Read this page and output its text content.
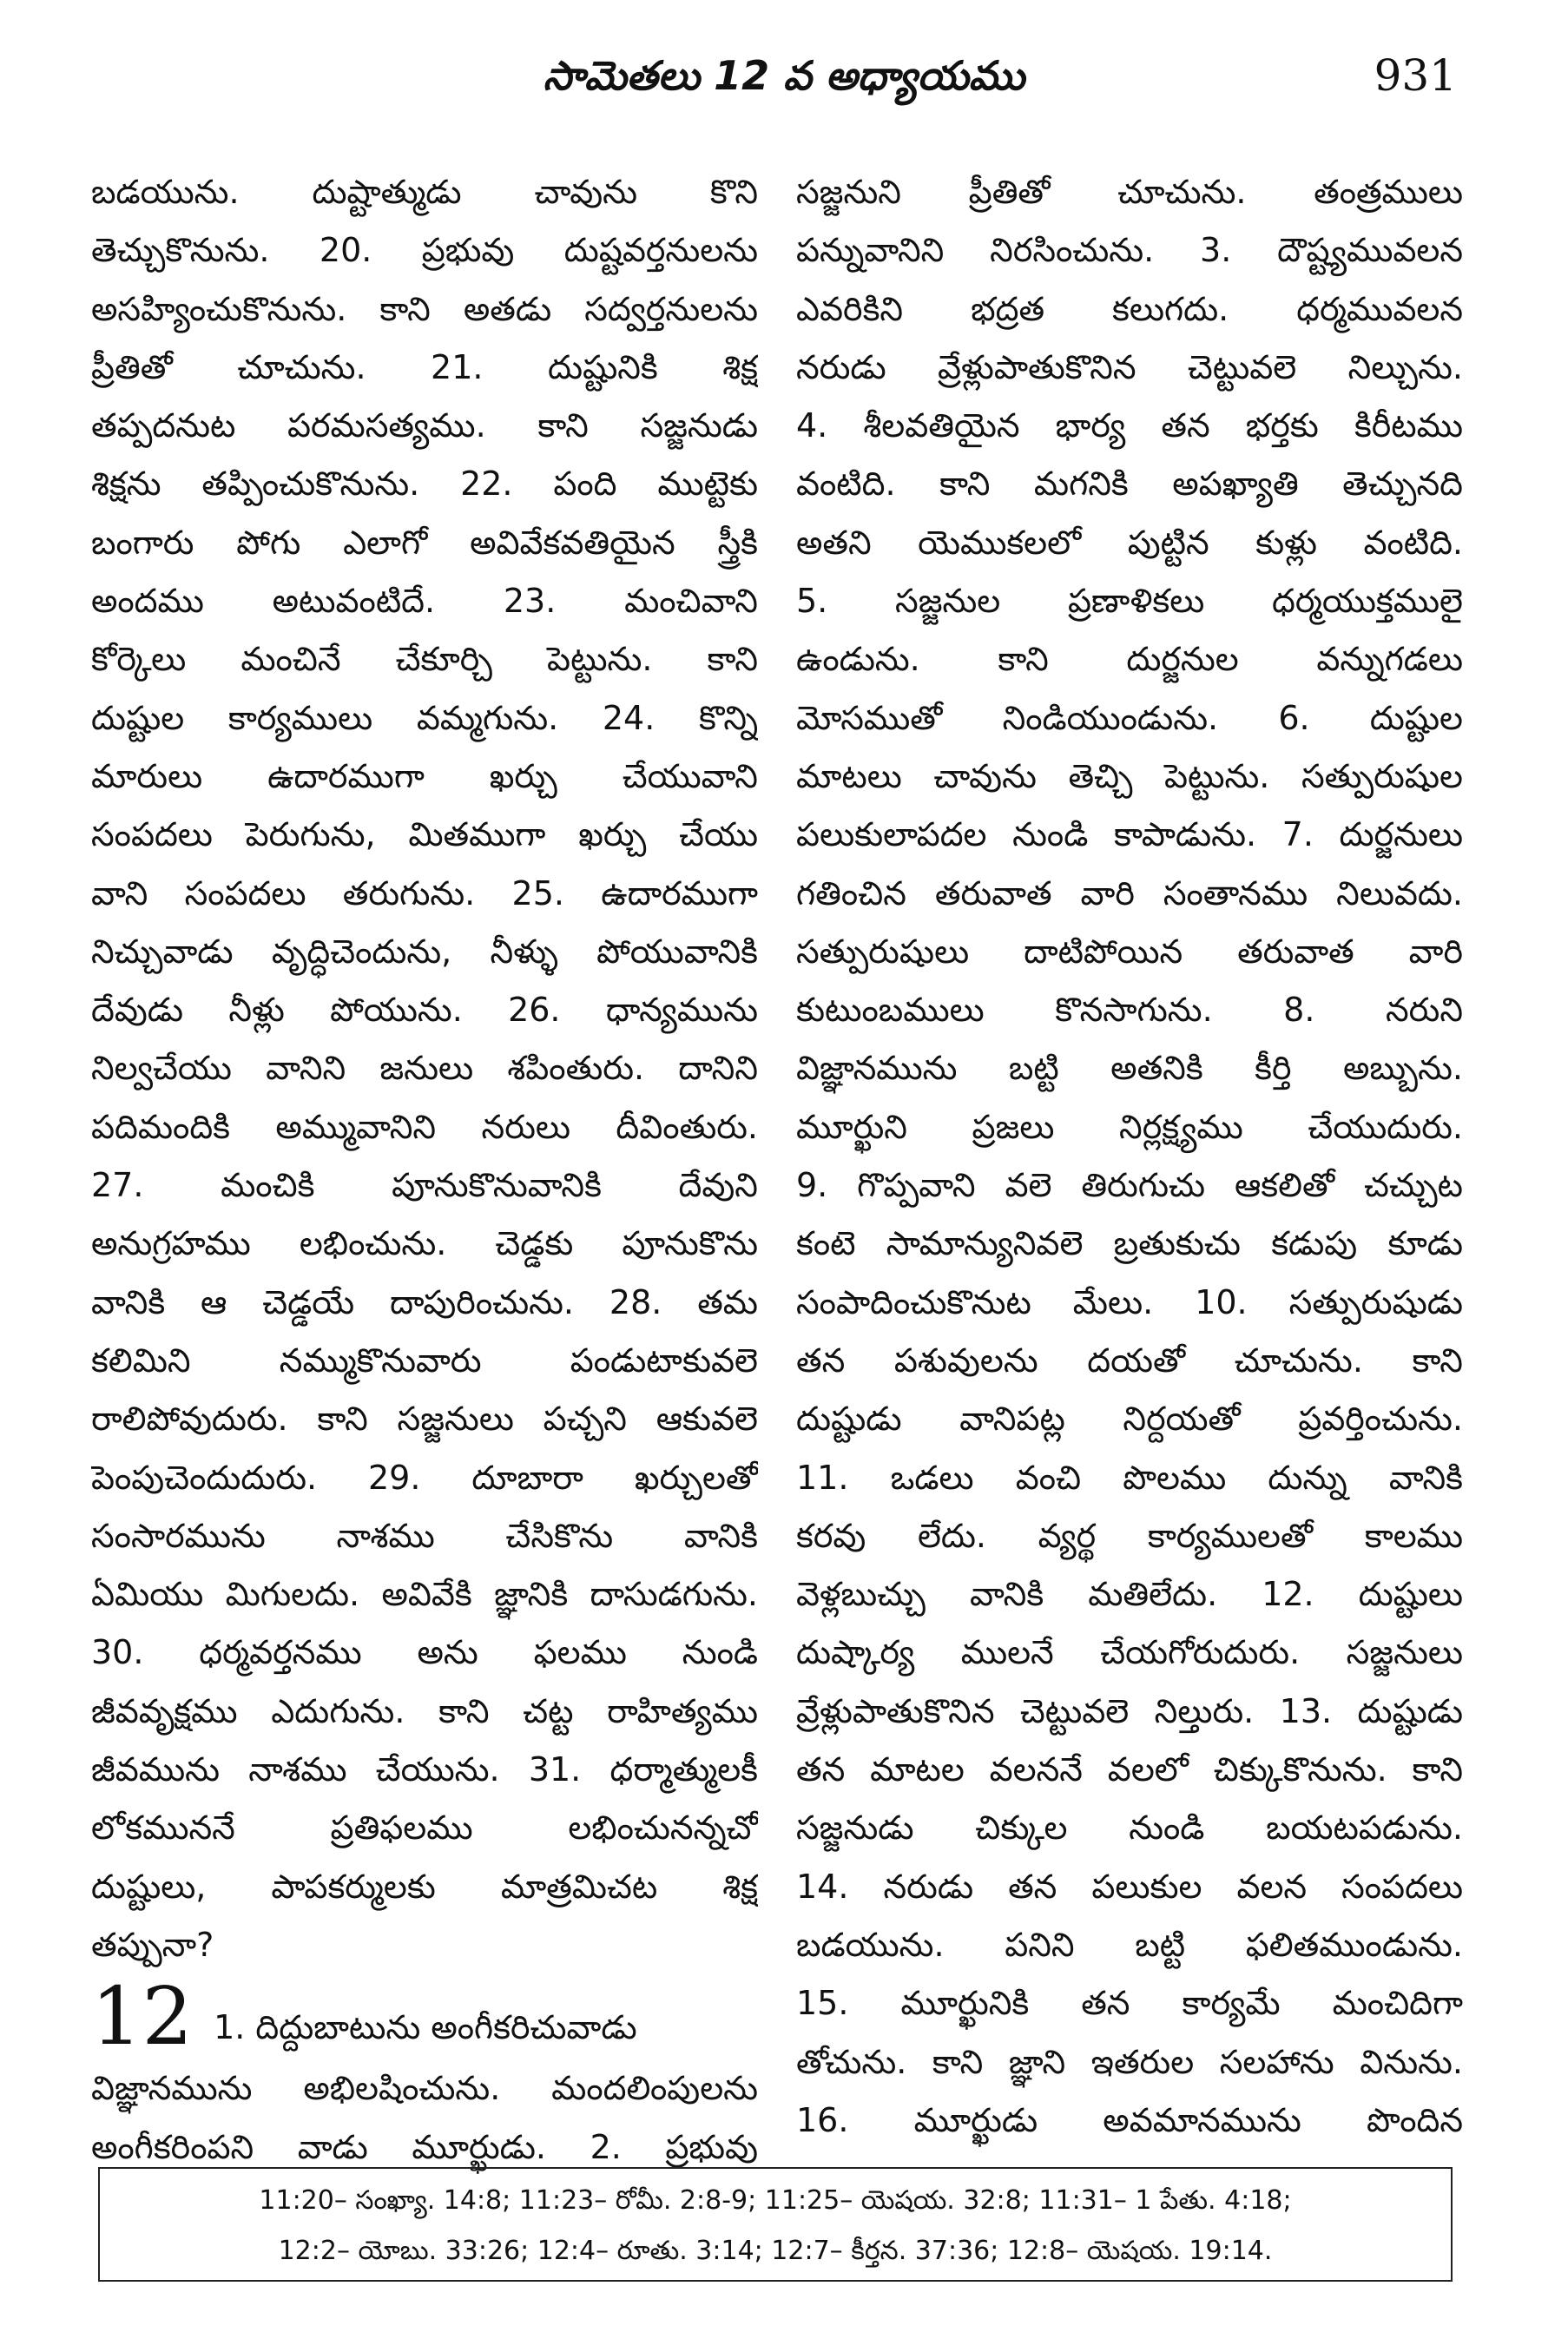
సామెతలు 12 వ అధ్యాయము	931
బడయును. దుష్టాత్ముడు చావును కొని
తెచ్చుకొనును. 20. ప్రభువు దుష్టవర్తనులను
అసహ్యించుకొనును. కాని అతడు సద్వర్తనులను
ప్రీతితో చూచును. 21. దుష్టునికి శిక్ష
తప్పదనుట పరమసత్యము. కాని సజ్జనుడు
శిక్షను తప్పించుకొనును. 22. పంది ముట్టెకు
బంగారు పోగు ఎలాగో అవివేకవతియైన స్త్రీకి
అందము అటువంటిదే. 23. మంచివాని
కోర్కెలు మంచినే చేకూర్చి పెట్టును. కాని
దుష్టుల కార్యములు వమ్మగును. 24. కొన్ని
మారులు ఉదారముగా ఖర్చు చేయువాని
సంపదలు పెరుగును, మితముగా ఖర్చు చేయు
వాని సంపదలు తరుగును. 25. ఉదారముగా
నిచ్చువాడు వృద్ధిచెందును, నీళ్ళు పోయువానికి
దేవుడు నీళ్లు పోయును. 26. ధాన్యమును
నిల్వచేయు వానిని జనులు శపింతురు. దానిని
పదిమందికి అమ్మువానిని నరులు దీవింతురు.
27. మంచికి పూనుకొనువానికి దేవుని
అనుగ్రహము లభించును. చెడ్డకు పూనుకొను
వానికి ఆ చెడ్డయే దాపురించును. 28. తమ
కలిమిని నమ్ముకొనువారు పండుటాకువలె
రాలిపోవుదురు. కాని సజ్జనులు పచ్చని ఆకువలె
పెంపుచెందుదురు. 29. దూబారా ఖర్చులతో
సంసారమును నాశము చేసికొను వానికి
ఏమియు మిగులదు. అవివేకి జ్ఞానికి దాసుడగును.
30. ధర్మవర్తనము అను ఫలము నుండి
జీవవృక్షము ఎదుగును. కాని చట్ట రాహిత్యము
జీవమును నాశము చేయును. 31. ధర్మాత్ములకీ
లోకముననే ప్రతిఫలము లభించునన్నచో
దుష్టులు, పాపకర్ములకు మాత్రమిచట శిక్ష
తప్పునా?
12 1. దిద్దుబాటును అంగీకరిచువాడు
విజ్ఞానమును అభిలషించును. మందలింపులను
అంగీకరింపని వాడు మూర్ఖుడు. 2. ప్రభువు
సజ్జనుని ప్రీతితో చూచును. తంత్రములు
పన్నువానిని నిరసించును. 3. దౌష్ట్యమువలన
ఎవరికిని భద్రత కలుగదు. ధర్మమువలన
నరుడు వ్రేళ్లుపాతుకొనిన చెట్టువలె నిల్చును.
4. శీలవతియైన భార్య తన భర్తకు కిరీటము
వంటిది. కాని మగనికి అపఖ్యాతి తెచ్చునది
అతని యెముకలలో పుట్టిన కుళ్లు వంటిది.
5. సజ్జనుల ప్రణాళికలు ధర్మయుక్తములై
ఉండును. కాని దుర్జనుల వన్నుగడలు
మోసముతో నిండియుండును. 6. దుష్టుల
మాటలు చావును తెచ్చి పెట్టును. సత్పురుషుల
పలుకులాపదల నుండి కాపాడును. 7. దుర్జనులు
గతించిన తరువాత వారి సంతానము నిలువదు.
సత్పురుషులు దాటిపోయిన తరువాత వారి
కుటుంబములు కొనసాగును. 8. నరుని
విజ్ఞానమును బట్టి అతనికి కీర్తి అబ్బును.
మూర్ఖుని ప్రజలు నిర్లక్ష్యము చేయుదురు.
9. గొప్పవాని వలె తిరుగుచు ఆకలితో చచ్చుట
కంటె సామాన్యునివలె బ్రతుకుచు కడుపు కూడు
సంపాదించుకొనుట మేలు. 10. సత్పురుషుడు
తన పశువులను దయతో చూచును. కాని
దుష్టుడు వానిపట్ల నిర్దయతో ప్రవర్తించును.
11. ఒడలు వంచి పొలము దున్ను వానికి
కరవు లేదు. వ్యర్థ కార్యములతో కాలము
వెళ్లబుచ్చు వానికి మతిలేదు. 12. దుష్టులు
దుష్కార్య ములనే చేయగోరుదురు. సజ్జనులు
వ్రేళ్లుపాతుకొనిన చెట్టువలె నిల్తురు. 13. దుష్టుడు
తన మాటల వలననే వలలో చిక్కుకొనును. కాని
సజ్జనుడు చిక్కుల నుండి బయటపడును.
14. నరుడు తన పలుకుల వలన సంపదలు
బడయును. పనిని బట్టి ఫలితముండును.
15. మూర్ఖునికి తన కార్యమే మంచిదిగా
తోచును. కాని జ్ఞాని ఇతరుల సలహాను వినును.
16. మూర్ఖుడు అవమానమును పొందిన
11:20– సంఖ్యా. 14:8; 11:23– రోమీ. 2:8-9; 11:25– యెషయ. 32:8; 11:31– 1 పేతు. 4:18;
12:2– యోబు. 33:26; 12:4– రూతు. 3:14; 12:7– కీర్తన. 37:36; 12:8– యెషయ. 19:14.
